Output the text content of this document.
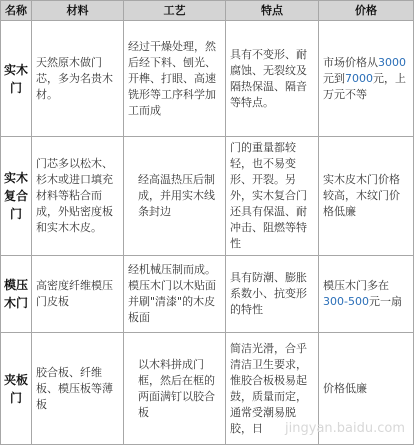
名称	材料	工艺	特点	价格
实木门	天然原木做门芯，多为名贵木材。	经过干燥处理，然后经下料、刨光、开榫、打眼、高速铣形等工序科学加工而成	具有不变形、耐腐蚀、无裂纹及隔热保温、隔音等特点。	市场价格从3000元到7000元，上万元不等
实木复合门	门芯多以松木、杉木或进口填充材料等粘合而成，外贴密度板和实木木皮。	经高温热压后制成，并用实木线条封边	门的重量都较轻，也不易变形、开裂。另外，实木复合门还具有保温、耐冲击、阻燃等特性	实木皮木门价格较高，木纹门价格低廉
模压木门	高密度纤维模压门皮板	经机械压制而成。模压木门以木贴面并刷"清漆"的木皮板面	具有防潮、膨胀系数小、抗变形的特性	模压木门多在300-500元一扇
夹板门	胶合板、纤维板、模压板等薄板	以木料拼成门框，然后在框的两面满钉以胶合板	简洁光滑，合乎清洁卫生要求，惟胶合板极易起鼓，质量而定，通常受潮易脱胶，日	价格低廉
jingyan.baidu.com
